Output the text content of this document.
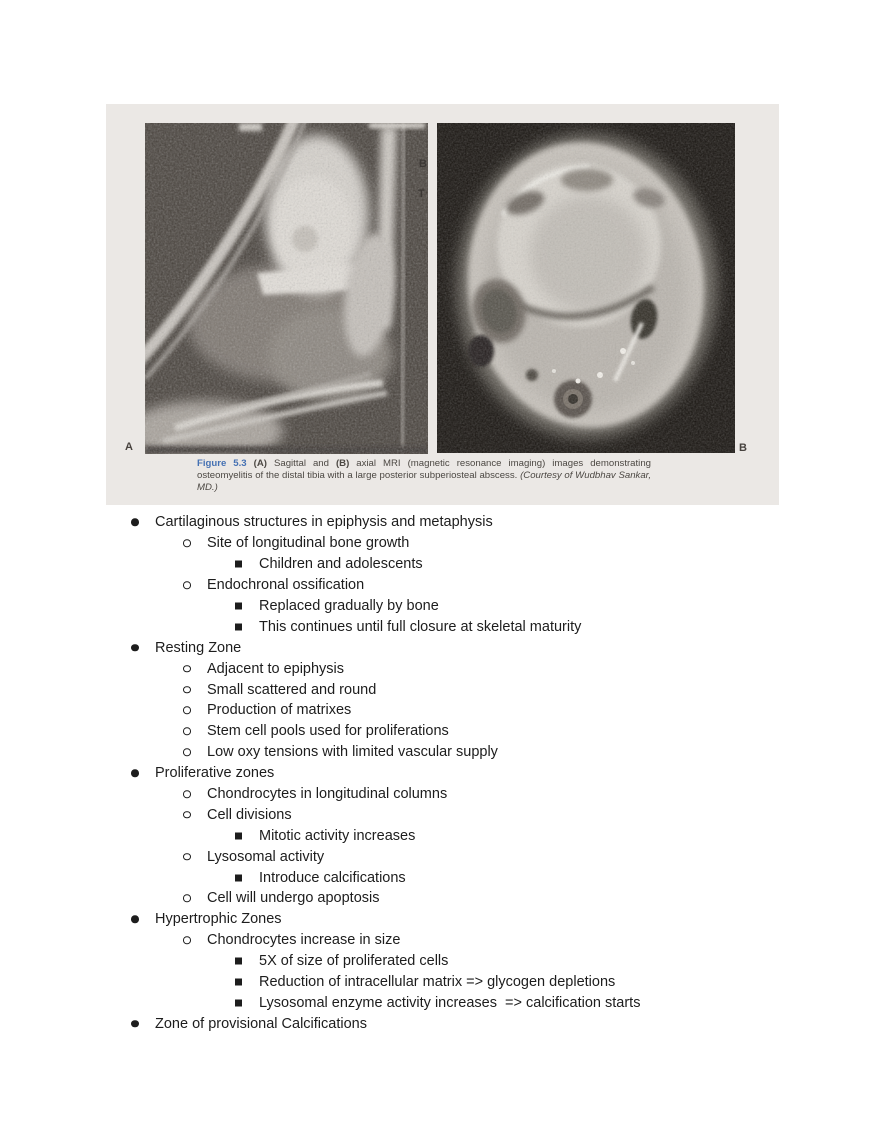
B
T
A	B
Figure 5.3 (A) Sagittal and (B) axial MRI (magnetic resonance imaging) images demonstrating osteomyelitis of the distal tibia with a large posterior subperiosteal abscess. (Courtesy of Wudbhav Sankar, MD.)
Cartilaginous structures in epiphysis and metaphysis
Site of longitudinal bone growth
Children and adolescents
Endochronal ossification
Replaced gradually by bone
This continues until full closure at skeletal maturity
Resting Zone
Adjacent to epiphysis
Small scattered and round
Production of matrixes
Stem cell pools used for proliferations
Low oxy tensions with limited vascular supply
Proliferative zones
Chondrocytes in longitudinal columns
Cell divisions
Mitotic activity increases
Lysosomal activity
Introduce calcifications
Cell will undergo apoptosis
Hypertrophic Zones
Chondrocytes increase in size
5X of size of proliferated cells
Reduction of intracellular matrix => glycogen depletions
Lysosomal enzyme activity increases  => calcification starts
Zone of provisional Calcifications
